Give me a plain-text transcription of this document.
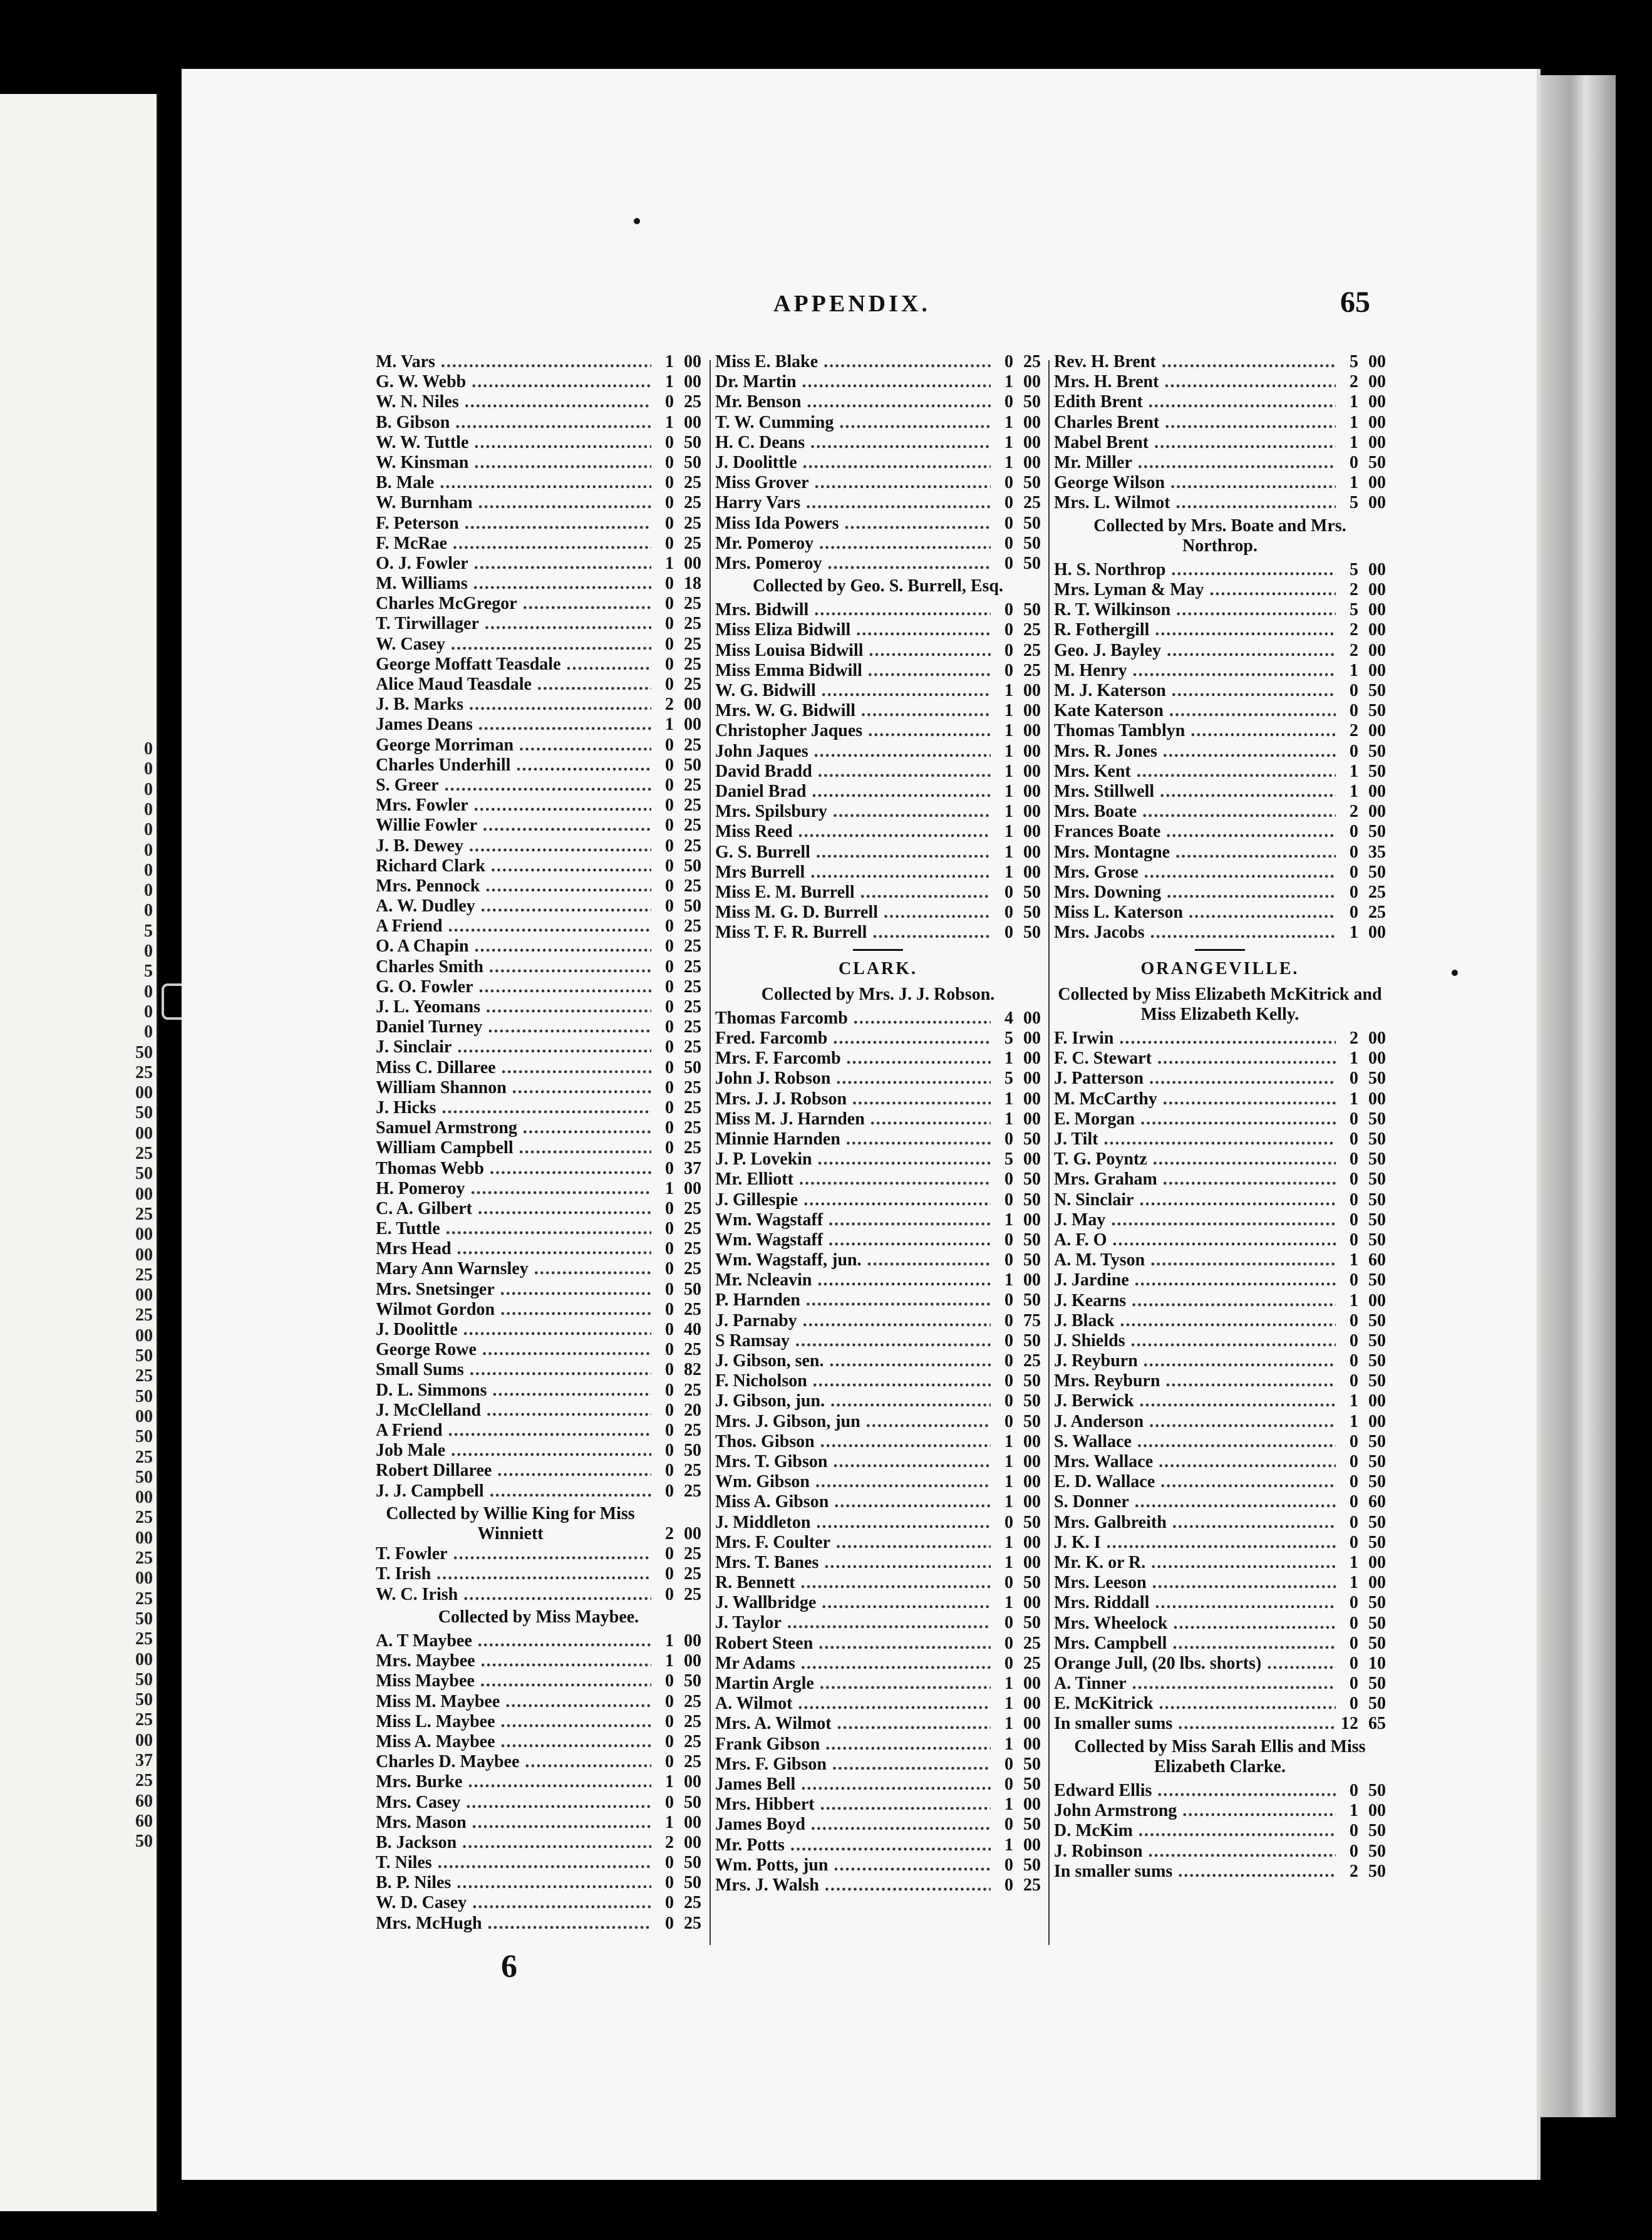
0
0
0
0
0
0
0
0
0
5
0
5
0
0
0
50
25
00
50
00
25
50
00
25
00
00
25
00
25
00
50
25
50
00
50
25
50
00
25
00
25
00
25
50
25
00
50
50
25
00
37
25
60
60
50
APPENDIX.	65
M. Vars .....	1 00
G. W. Webb .....	1 00
W. N. Niles .....	0 25
B. Gibson .....	1 00
W. W. Tuttle .....	0 50
W. Kinsman .....	0 50
B. Male .....	0 25
W. Burnham .....	0 25
F. Peterson .....	0 25
F. McRae .....	0 25
O. J. Fowler .....	1 00
M. Williams .....	0 18
Charles McGregor .....	0 25
T. Tirwillager .....	0 25
W. Casey .....	0 25
George Moffatt Teasdale .....	0 25
Alice Maud Teasdale .....	0 25
J. B. Marks .....	2 00
James Deans .....	1 00
George Morriman .....	0 25
Charles Underhill .....	0 50
S. Greer .....	0 25
Mrs. Fowler .....	0 25
Willie Fowler .....	0 25
J. B. Dewey .....	0 25
Richard Clark .....	0 50
Mrs. Pennock .....	0 25
A. W. Dudley .....	0 50
A Friend .....	0 25
O. A Chapin .....	0 25
Charles Smith .....	0 25
G. O. Fowler .....	0 25
J. L. Yeomans .....	0 25
Daniel Turney .....	0 25
J. Sinclair .....	0 25
Miss C. Dillaree .....	0 50
William Shannon .....	0 25
J. Hicks .....	0 25
Samuel Armstrong .....	0 25
William Campbell .....	0 25
Thomas Webb .....	0 37
H. Pomeroy .....	1 00
C. A. Gilbert .....	0 25
E. Tuttle .....	0 25
Mrs Head .....	0 25
Mary Ann Warnsley .....	0 25
Mrs. Snetsinger .....	0 50
Wilmot Gordon .....	0 25
J. Doolittle .....	0 40
George Rowe .....	0 25
Small Sums .....	0 82
D. L. Simmons .....	0 25
J. McClelland .....	0 20
A Friend .....	0 25
Job Male .....	0 50
Robert Dillaree .....	0 25
J. J. Campbell .....	0 25
Collected by Willie King for Miss Winniett	2 00
T. Fowler .....	0 25
T. Irish .....	0 25
W. C. Irish .....	0 25
Collected by Miss Maybee.
A. T Maybee .....	1 00
Mrs. Maybee .....	1 00
Miss Maybee .....	0 50
Miss M. Maybee .....	0 25
Miss L. Maybee .....	0 25
Miss A. Maybee .....	0 25
Charles D. Maybee .....	0 25
Mrs. Burke .....	1 00
Mrs. Casey .....	0 50
Mrs. Mason .....	1 00
B. Jackson .....	2 00
T. Niles .....	0 50
B. P. Niles .....	0 50
W. D. Casey .....	0 25
Mrs. McHugh .....	0 25
Miss E. Blake .....	0 25
Dr. Martin .....	1 00
Mr. Benson .....	0 50
T. W. Cumming .....	1 00
H. C. Deans .....	1 00
J. Doolittle .....	1 00
Miss Grover .....	0 50
Harry Vars .....	0 25
Miss Ida Powers .....	0 50
Mr. Pomeroy .....	0 50
Mrs. Pomeroy .....	0 50
Collected by Geo. S. Burrell, Esq.
Mrs. Bidwill .....	0 50
Miss Eliza Bidwill .....	0 25
Miss Louisa Bidwill .....	0 25
Miss Emma Bidwill .....	0 25
W. G. Bidwill .....	1 00
Mrs. W. G. Bidwill .....	1 00
Christopher Jaques .....	1 00
John Jaques .....	1 00
David Bradd .....	1 00
Daniel Brad .....	1 00
Mrs. Spilsbury .....	1 00
Miss Reed .....	1 00
G. S. Burrell .....	1 00
Mrs Burrell .....	1 00
Miss E. M. Burrell .....	0 50
Miss M. G. D. Burrell .....	0 50
Miss T. F. R. Burrell .....	0 50
CLARK.
Collected by Mrs. J. J. Robson.
Thomas Farcomb .....	4 00
Fred. Farcomb .....	5 00
Mrs. F. Farcomb .....	1 00
John J. Robson .....	5 00
Mrs. J. J. Robson .....	1 00
Miss M. J. Harnden .....	1 00
Minnie Harnden .....	0 50
J. P. Lovekin .....	5 00
Mr. Elliott .....	0 50
J. Gillespie .....	0 50
Wm. Wagstaff .....	1 00
Wm. Wagstaff .....	0 50
Wm. Wagstaff, jun. .....	0 50
Mr. Ncleavin .....	1 00
P. Harnden .....	0 50
J. Parnaby .....	0 75
S Ramsay .....	0 50
J. Gibson, sen. .....	0 25
F. Nicholson .....	0 50
J. Gibson, jun. .....	0 50
Mrs. J. Gibson, jun .....	0 50
Thos. Gibson .....	1 00
Mrs. T. Gibson .....	1 00
Wm. Gibson .....	1 00
Miss A. Gibson .....	1 00
J. Middleton .....	0 50
Mrs. F. Coulter .....	1 00
Mrs. T. Banes .....	1 00
R. Bennett .....	0 50
J. Wallbridge .....	1 00
J. Taylor .....	0 50
Robert Steen .....	0 25
Mr Adams .....	0 25
Martin Argle .....	1 00
A. Wilmot .....	1 00
Mrs. A. Wilmot .....	1 00
Frank Gibson .....	1 00
Mrs. F. Gibson .....	0 50
James Bell .....	0 50
Mrs. Hibbert .....	1 00
James Boyd .....	0 50
Mr. Potts .....	1 00
Wm. Potts, jun .....	0 50
Mrs. J. Walsh .....	0 25
Rev. H. Brent .....	5 00
Mrs. H. Brent .....	2 00
Edith Brent .....	1 00
Charles Brent .....	1 00
Mabel Brent .....	1 00
Mr. Miller .....	0 50
George Wilson .....	1 00
Mrs. L. Wilmot .....	5 00
Collected by Mrs. Boate and Mrs. Northrop.
H. S. Northrop .....	5 00
Mrs. Lyman & May .....	2 00
R. T. Wilkinson .....	5 00
R. Fothergill .....	2 00
Geo. J. Bayley .....	2 00
M. Henry .....	1 00
M. J. Katerson .....	0 50
Kate Katerson .....	0 50
Thomas Tamblyn .....	2 00
Mrs. R. Jones .....	0 50
Mrs. Kent .....	1 50
Mrs. Stillwell .....	1 00
Mrs. Boate .....	2 00
Frances Boate .....	0 50
Mrs. Montagne .....	0 35
Mrs. Grose .....	0 50
Mrs. Downing .....	0 25
Miss L. Katerson .....	0 25
Mrs. Jacobs .....	1 00
ORANGEVILLE.
Collected by Miss Elizabeth McKitrick and Miss Elizabeth Kelly.
F. Irwin .....	2 00
F. C. Stewart .....	1 00
J. Patterson .....	0 50
M. McCarthy .....	1 00
E. Morgan .....	0 50
J. Tilt .....	0 50
T. G. Poyntz .....	0 50
Mrs. Graham .....	0 50
N. Sinclair .....	0 50
J. May .....	0 50
A. F. O .....	0 50
A. M. Tyson .....	1 60
J. Jardine .....	0 50
J. Kearns .....	1 00
J. Black .....	0 50
J. Shields .....	0 50
J. Reyburn .....	0 50
Mrs. Reyburn .....	0 50
J. Berwick .....	1 00
J. Anderson .....	1 00
S. Wallace .....	0 50
Mrs. Wallace .....	0 50
E. D. Wallace .....	0 50
S. Donner .....	0 60
Mrs. Galbreith .....	0 50
J. K. I .....	0 50
Mr. K. or R. .....	1 00
Mrs. Leeson .....	1 00
Mrs. Riddall .....	0 50
Mrs. Wheelock .....	0 50
Mrs. Campbell .....	0 50
Orange Jull, (20 lbs. shorts) .....	0 10
A. Tinner .....	0 50
E. McKitrick .....	0 50
In smaller sums .....	12 65
Collected by Miss Sarah Ellis and Miss Elizabeth Clarke.
Edward Ellis .....	0 50
John Armstrong .....	1 00
D. McKim .....	0 50
J. Robinson .....	0 50
In smaller sums .....	2 50
6
